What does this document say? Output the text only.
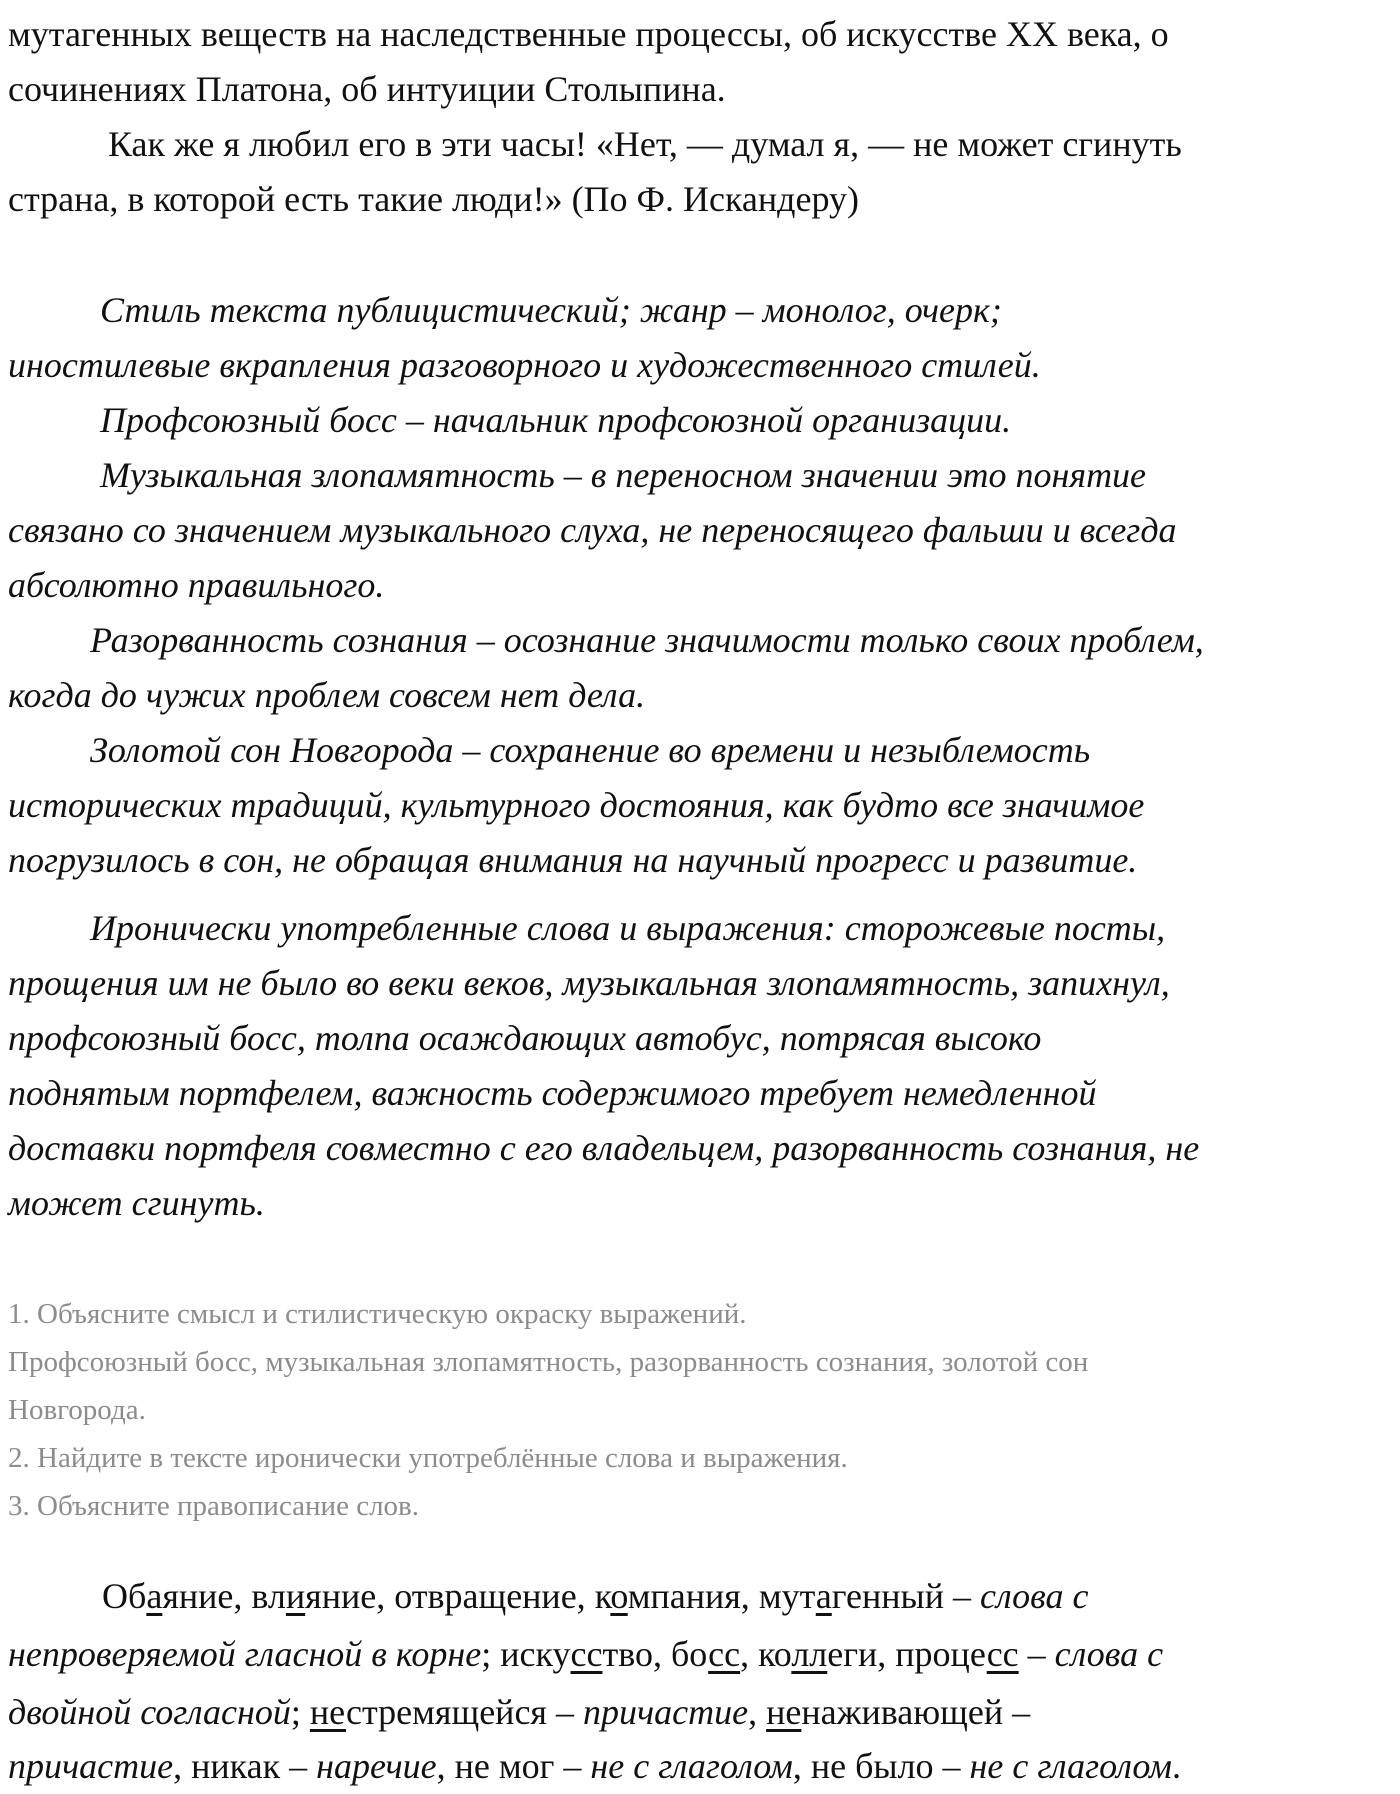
мутагенных веществ на наследственные процессы, об искусстве XX века, о
сочинениях Платона, об интуиции Столыпина.
Как же я любил его в эти часы! «Нет, — думал я, — не может сгинуть
страна, в которой есть такие люди!» (По Ф. Искандеру)
Стиль текста публицистический; жанр – монолог, очерк;
иностилевые вкрапления разговорного и художественного стилей.
Профсоюзный босс – начальник профсоюзной организации.
Музыкальная злопамятность – в переносном значении это понятие
связано со значением музыкального слуха, не переносящего фальши и всегда
абсолютно правильного.
Разорванность сознания – осознание значимости только своих проблем,
когда до чужих проблем совсем нет дела.
Золотой сон Новгорода – сохранение во времени и незыблемость
исторических традиций, культурного достояния, как будто все значимое
погрузилось в сон, не обращая внимания на научный прогресс и развитие.
Иронически употребленные слова и выражения: сторожевые посты,
прощения им не было во веки веков, музыкальная злопамятность, запихнул,
профсоюзный босс, толпа осаждающих автобус, потрясая высоко
поднятым портфелем, важность содержимого требует немедленной
доставки портфеля совместно с его владельцем, разорванность сознания, не
может сгинуть.
1. Объясните смысл и стилистическую окраску выражений.
Профсоюзный босс, музыкальная злопамятность, разорванность сознания, золотой сон
Новгорода.
2. Найдите в тексте иронически употреблённые слова и выражения.
3. Объясните правописание слов.
Обаяние, влияние, отвращение, компания, мутагенный – слова с
непроверяемой гласной в корне; искусство, босс, коллеги, процесс – слова с
двойной согласной; нестремящейся – причастие, ненаживающей –
причастие, никак – наречие, не мог – не с глаголом, не было – не с глаголом.
